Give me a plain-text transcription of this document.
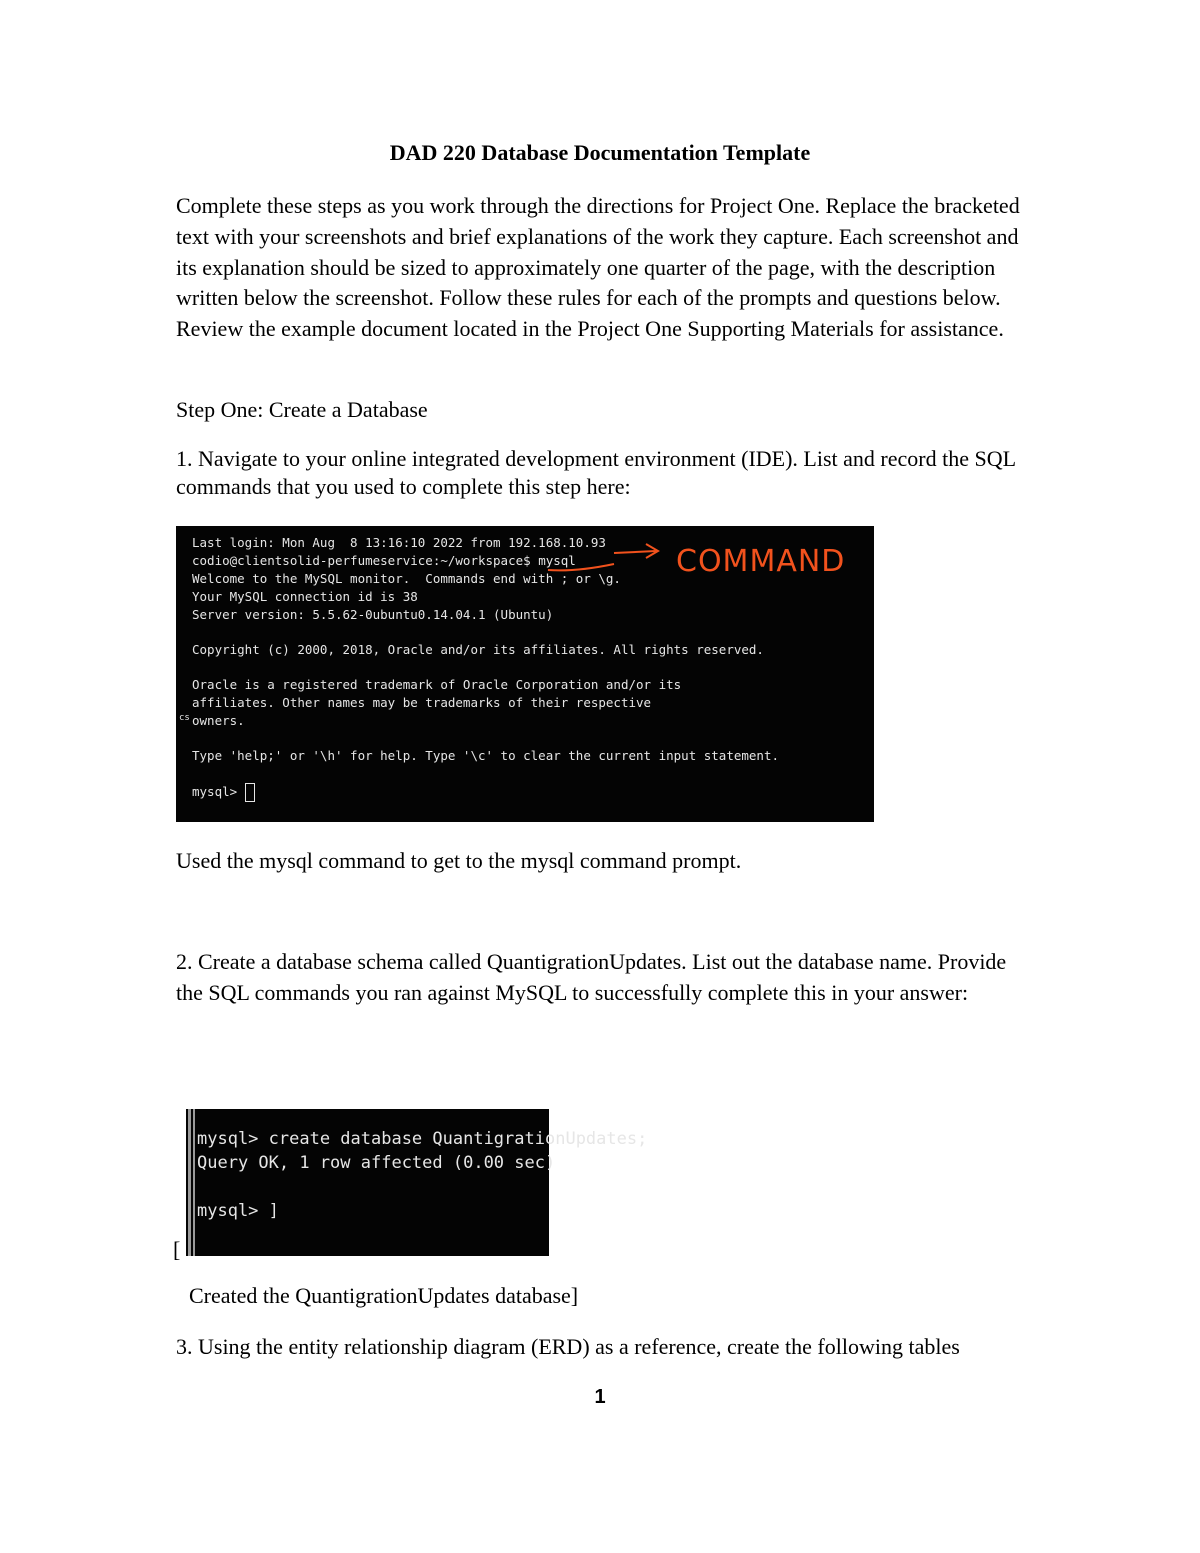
DAD 220 Database Documentation Template

Complete these steps as you work through the directions for Project One. Replace the bracketed text with your screenshots and brief explanations of the work they capture. Each screenshot and its explanation should be sized to approximately one quarter of the page, with the description written below the screenshot. Follow these rules for each of the prompts and questions below. Review the example document located in the Project One Supporting Materials for assistance.

Step One: Create a Database

1. Navigate to your online integrated development environment (IDE). List and record the SQL commands that you used to complete this step here:

Last login: Mon Aug  8 13:16:10 2022 from 192.168.10.93
codio@clientsolid-perfumeservice:~/workspace$ mysql
Welcome to the MySQL monitor.  Commands end with ; or \g.
Your MySQL connection id is 38
Server version: 5.5.62-0ubuntu0.14.04.1 (Ubuntu)
Copyright (c) 2000, 2018, Oracle and/or its affiliates. All rights reserved.
Oracle is a registered trademark of Oracle Corporation and/or its
affiliates. Other names may be trademarks of their respective
cs owners.
Type 'help;' or '\h' for help. Type '\c' to clear the current input statement.
mysql>
COMMAND

Used the mysql command to get to the mysql command prompt.

2. Create a database schema called QuantigrationUpdates. List out the database name. Provide the SQL commands you ran against MySQL to successfully complete this in your answer:

mysql> create database QuantigrationUpdates;
Query OK, 1 row affected (0.00 sec)
mysql> ]
[

Created the QuantigrationUpdates database]

3. Using the entity relationship diagram (ERD) as a reference, create the following tables

1
